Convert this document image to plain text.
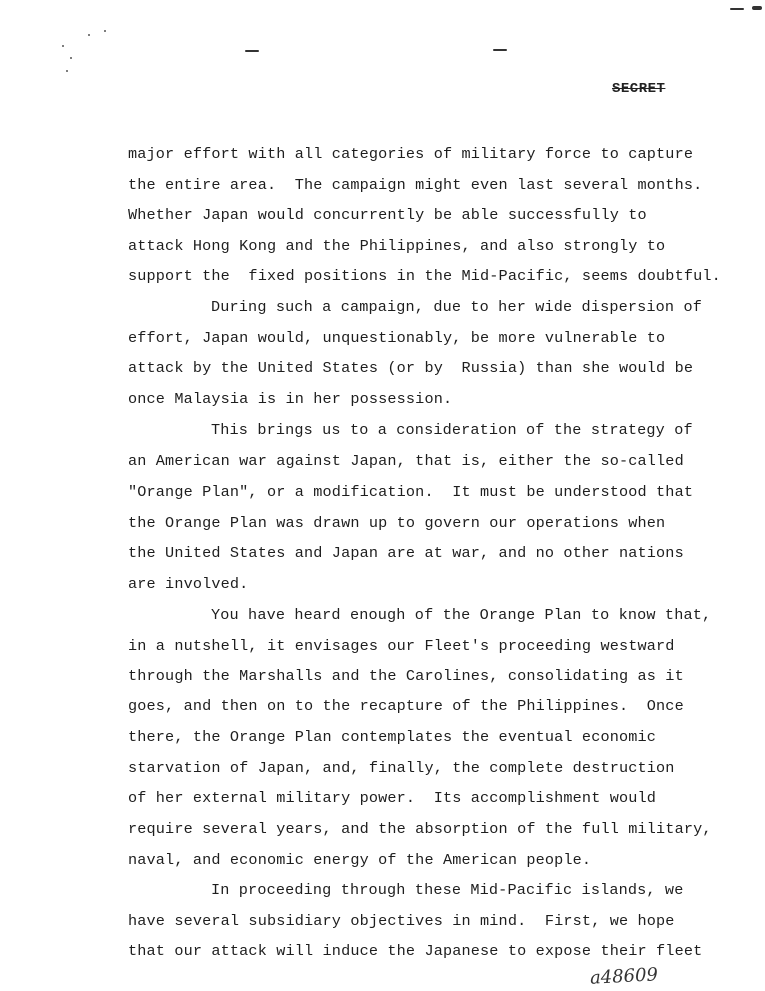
SECRET
major effort with all categories of military force to capture
the entire area.  The campaign might even last several months.
Whether Japan would concurrently be able successfully to
attack Hong Kong and the Philippines, and also strongly to
support the  fixed positions in the Mid-Pacific, seems doubtful.
During such a campaign, due to her wide dispersion of
effort, Japan would, unquestionably, be more vulnerable to
attack by the United States (or by  Russia) than she would be
once Malaysia is in her possession.
This brings us to a consideration of the strategy of
an American war against Japan, that is, either the so-called
"Orange Plan", or a modification.  It must be understood that
the Orange Plan was drawn up to govern our operations when
the United States and Japan are at war, and no other nations
are involved.
You have heard enough of the Orange Plan to know that,
in a nutshell, it envisages our Fleet's proceeding westward
through the Marshalls and the Carolines, consolidating as it
goes, and then on to the recapture of the Philippines.  Once
there, the Orange Plan contemplates the eventual economic
starvation of Japan, and, finally, the complete destruction
of her external military power.  Its accomplishment would
require several years, and the absorption of the full military,
naval, and economic energy of the American people.
In proceeding through these Mid-Pacific islands, we
have several subsidiary objectives in mind.  First, we hope
that our attack will induce the Japanese to expose their fleet
a48609
